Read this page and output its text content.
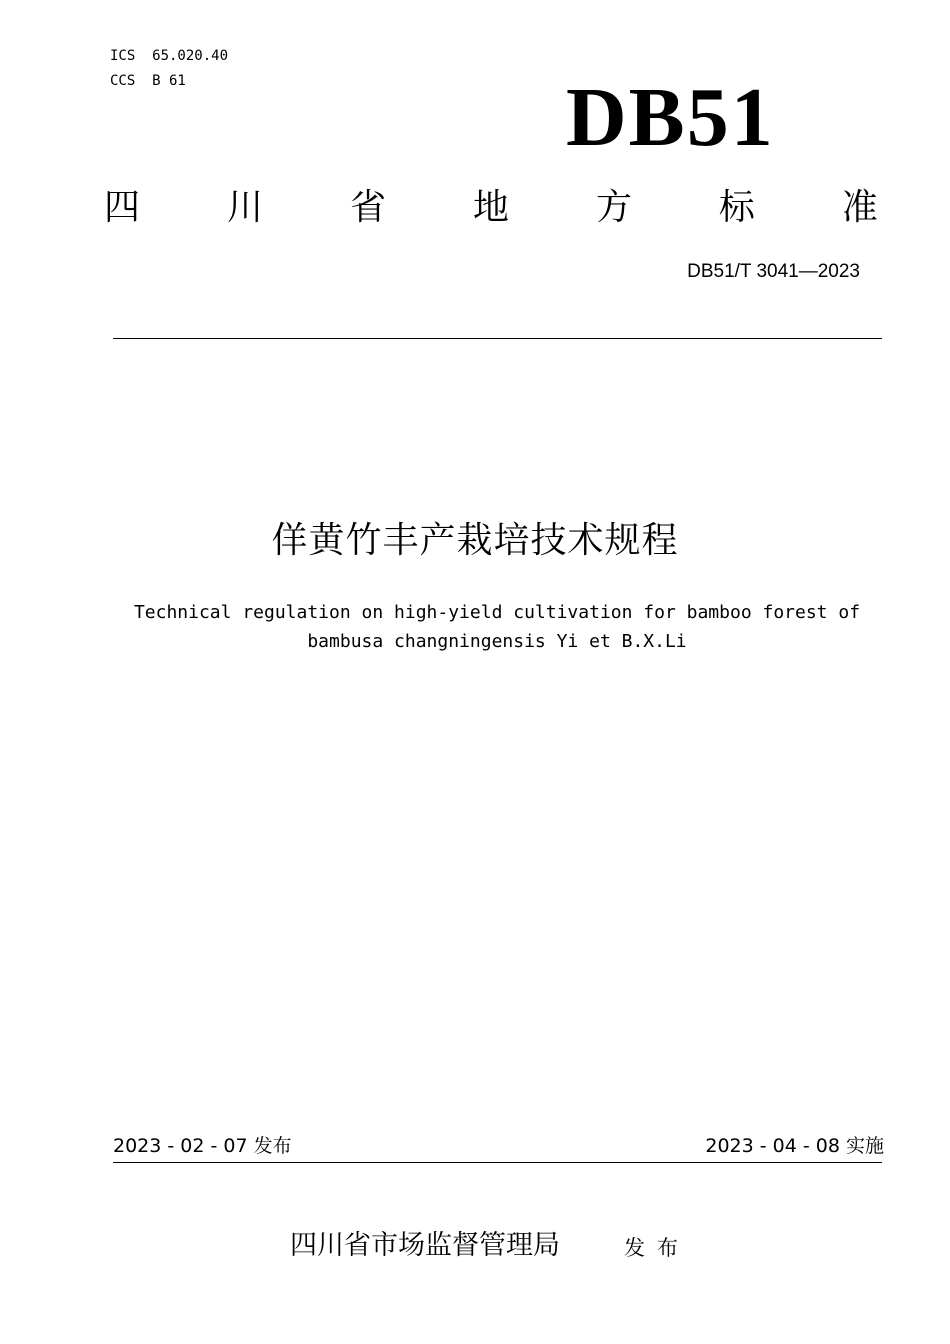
ICS  65.020.40
CCS  B 61	DB51
四 川 省 地 方 标 准
DB51/T 3041—2023
佯黄竹丰产栽培技术规程
Technical regulation on high-yield cultivation for bamboo forest of
bambusa changningensis Yi et B.X.Li
2023 - 02 - 07 发布	2023 - 04 - 08 实施
四川省市场监督管理局	发布
